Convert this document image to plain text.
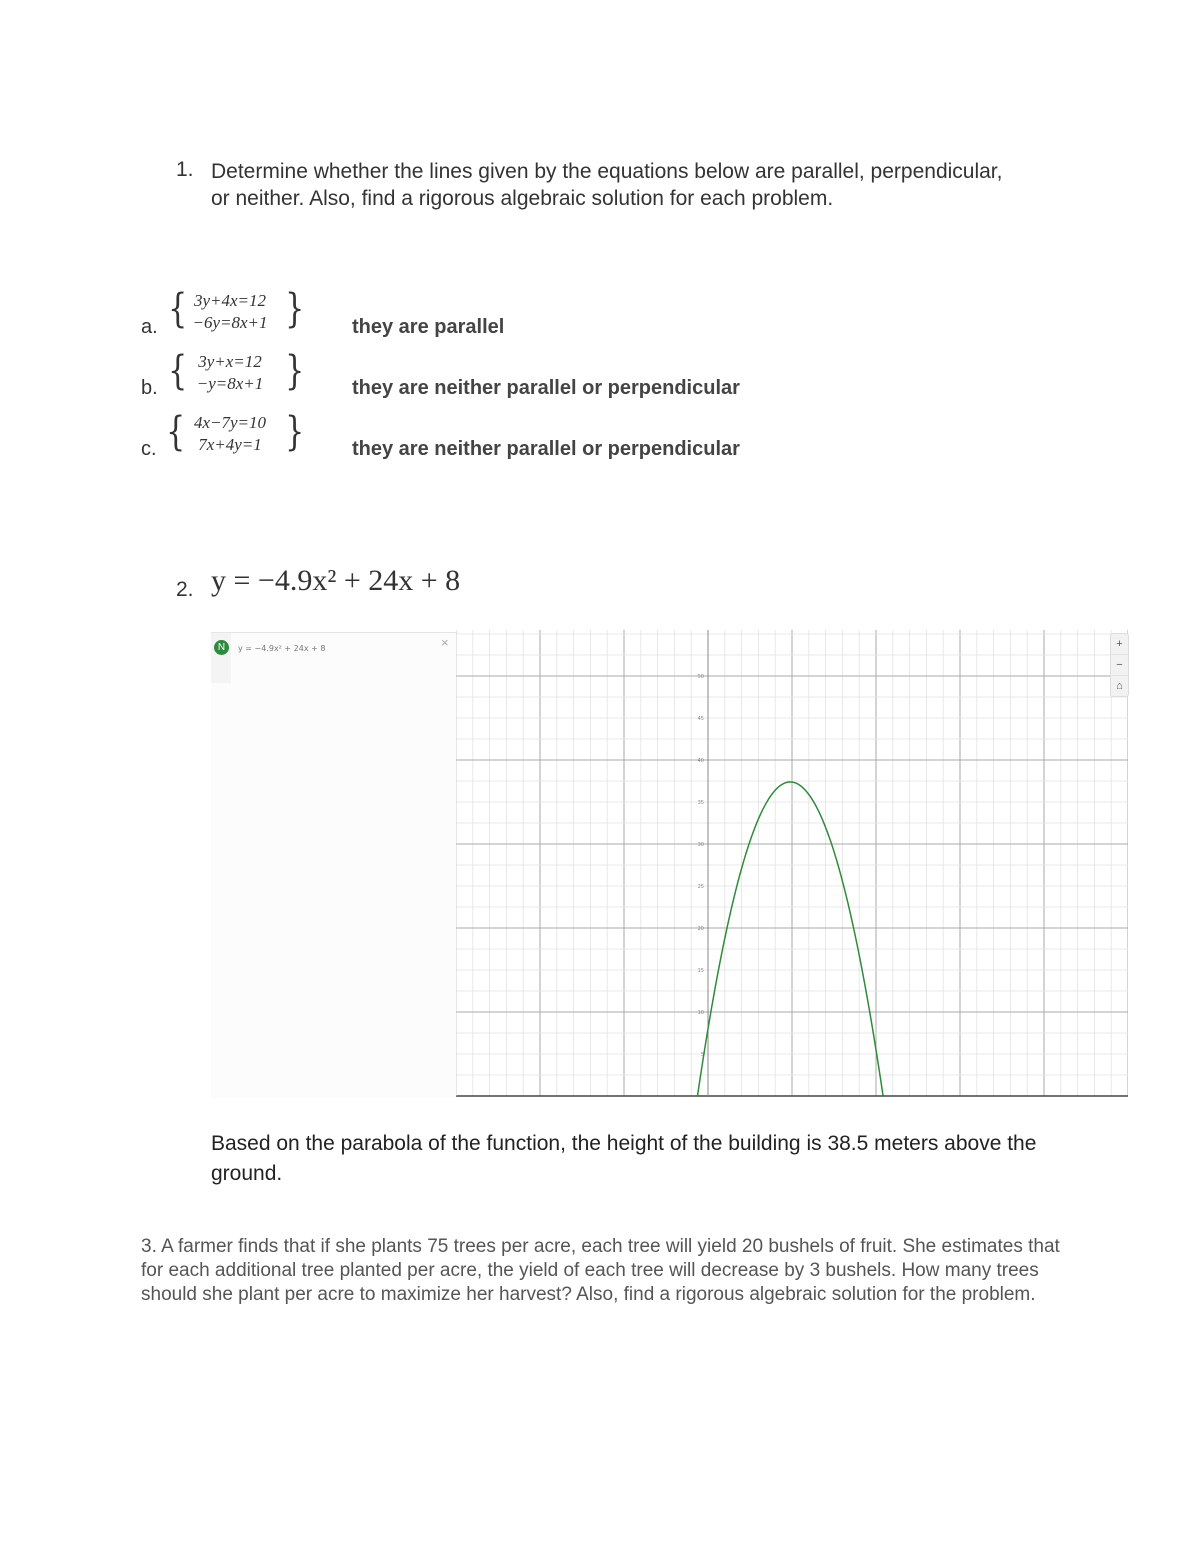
1. Determine whether the lines given by the equations below are parallel, perpendicular, or neither. Also, find a rigorous algebraic solution for each problem.
a. { 3y+4x=12
−6y=8x+1 } they are parallel
b. { 3y+x=12
−y=8x+1 } they are neither parallel or perpendicular
c. { 4x−7y=10
7x+4y=1 } they are neither parallel or perpendicular
2. y = −4.9x² + 24x + 8
N	y = −4.9x² + 24x + 8	×
5
10
15
20
25
30
35
40
45
50
+
−
⌂
Based on the parabola of the function, the height of the building is 38.5 meters above the ground.
3. A farmer finds that if she plants 75 trees per acre, each tree will yield 20 bushels of fruit. She estimates that for each additional tree planted per acre, the yield of each tree will decrease by 3 bushels. How many trees should she plant per acre to maximize her harvest? Also, find a rigorous algebraic solution for the problem.
